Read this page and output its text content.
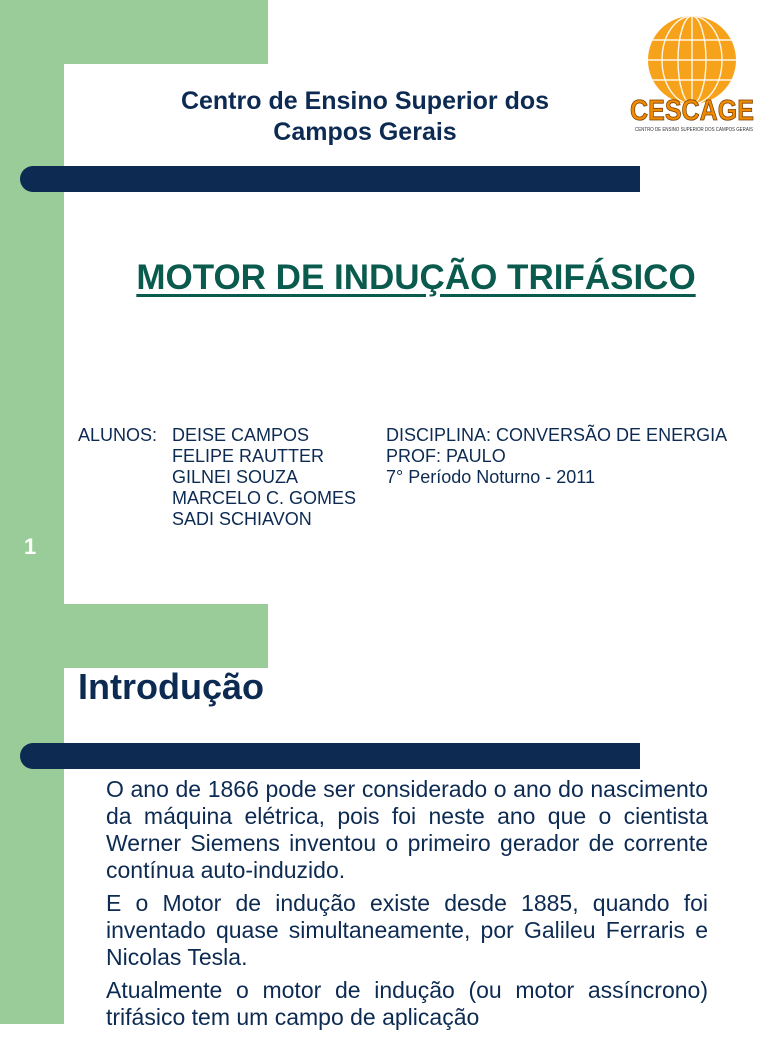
Centro de Ensino Superior dos
Campos Gerais
CESCAGE
CENTRO DE ENSINO SUPERIOR DOS CAMPOS GERAIS
MOTOR DE INDUÇÃO TRIFÁSICO
ALUNOS: DEISE CAMPOS
FELIPE RAUTTER
GILNEI SOUZA
MARCELO C. GOMES
SADI SCHIAVON
DISCIPLINA: CONVERSÃO DE ENERGIA
PROF: PAULO
7° Período Noturno - 2011
1
Introdução

O ano de 1866 pode ser considerado o ano do nascimento da máquina elétrica, pois foi neste ano que o cientista Werner Siemens inventou o primeiro gerador de corrente contínua auto-induzido.

E o Motor de indução existe desde 1885, quando foi inventado quase simultaneamente, por Galileu Ferraris e Nicolas Tesla.

Atualmente o motor de indução (ou motor assíncrono) trifásico tem um campo de aplicação
